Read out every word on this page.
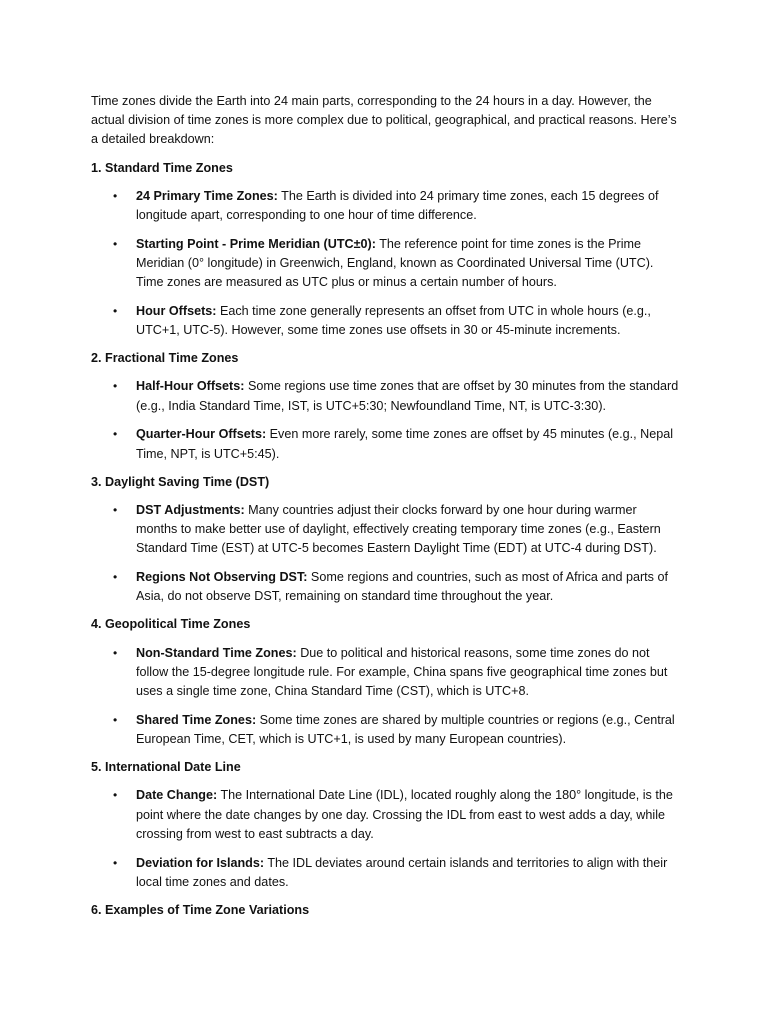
Time zones divide the Earth into 24 main parts, corresponding to the 24 hours in a day. However, the actual division of time zones is more complex due to political, geographical, and practical reasons. Here’s a detailed breakdown:

1. Standard Time Zones
• 24 Primary Time Zones: The Earth is divided into 24 primary time zones, each 15 degrees of longitude apart, corresponding to one hour of time difference.
• Starting Point - Prime Meridian (UTC±0): The reference point for time zones is the Prime Meridian (0° longitude) in Greenwich, England, known as Coordinated Universal Time (UTC). Time zones are measured as UTC plus or minus a certain number of hours.
• Hour Offsets: Each time zone generally represents an offset from UTC in whole hours (e.g., UTC+1, UTC-5). However, some time zones use offsets in 30 or 45-minute increments.
2. Fractional Time Zones
• Half-Hour Offsets: Some regions use time zones that are offset by 30 minutes from the standard (e.g., India Standard Time, IST, is UTC+5:30; Newfoundland Time, NT, is UTC-3:30).
• Quarter-Hour Offsets: Even more rarely, some time zones are offset by 45 minutes (e.g., Nepal Time, NPT, is UTC+5:45).
3. Daylight Saving Time (DST)
• DST Adjustments: Many countries adjust their clocks forward by one hour during warmer months to make better use of daylight, effectively creating temporary time zones (e.g., Eastern Standard Time (EST) at UTC-5 becomes Eastern Daylight Time (EDT) at UTC-4 during DST).
• Regions Not Observing DST: Some regions and countries, such as most of Africa and parts of Asia, do not observe DST, remaining on standard time throughout the year.
4. Geopolitical Time Zones
• Non-Standard Time Zones: Due to political and historical reasons, some time zones do not follow the 15-degree longitude rule. For example, China spans five geographical time zones but uses a single time zone, China Standard Time (CST), which is UTC+8.
• Shared Time Zones: Some time zones are shared by multiple countries or regions (e.g., Central European Time, CET, which is UTC+1, is used by many European countries).
5. International Date Line
• Date Change: The International Date Line (IDL), located roughly along the 180° longitude, is the point where the date changes by one day. Crossing the IDL from east to west adds a day, while crossing from west to east subtracts a day.
• Deviation for Islands: The IDL deviates around certain islands and territories to align with their local time zones and dates.
6. Examples of Time Zone Variations
